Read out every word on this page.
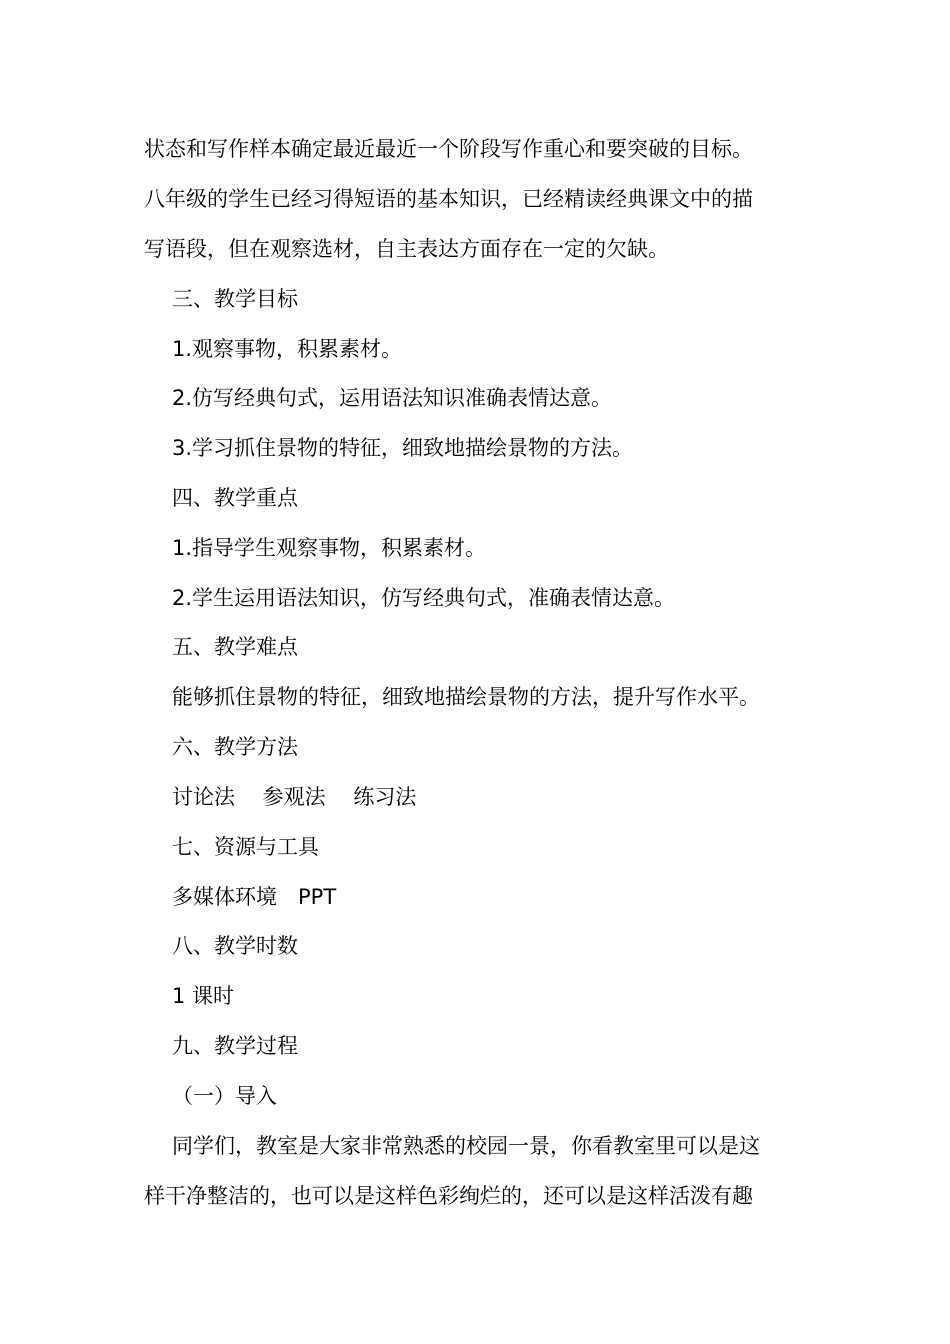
状态和写作样本确定最近最近一个阶段写作重心和要突破的目标。
八年级的学生已经习得短语的基本知识，已经精读经典课文中的描
写语段，但在观察选材，自主表达方面存在一定的欠缺。
三、教学目标
1.观察事物，积累素材。
2.仿写经典句式，运用语法知识准确表情达意。
3.学习抓住景物的特征，细致地描绘景物的方法。
四、教学重点
1.指导学生观察事物，积累素材。
2.学生运用语法知识，仿写经典句式，准确表情达意。
五、教学难点
能够抓住景物的特征，细致地描绘景物的方法，提升写作水平。
六、教学方法
讨论法　 参观法　 练习法
七、资源与工具
多媒体环境　PPT
八、教学时数
1 课时
九、教学过程
（一）导入
同学们，教室是大家非常熟悉的校园一景，你看教室里可以是这
样干净整洁的，也可以是这样色彩绚烂的，还可以是这样活泼有趣
